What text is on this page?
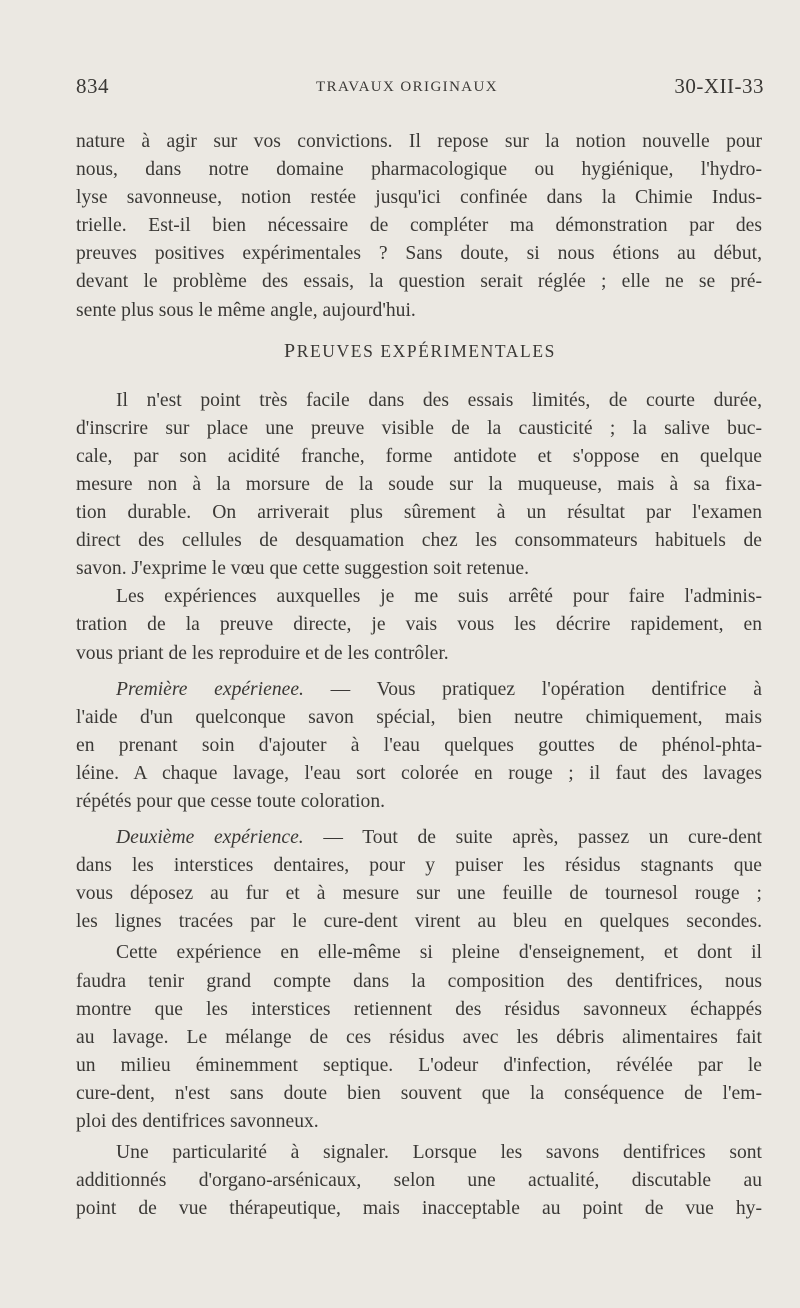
834	TRAVAUX ORIGINAUX	30-XII-33
nature à agir sur vos convictions. Il repose sur la notion nouvelle pour
nous, dans notre domaine pharmacologique ou hygiénique, l'hydro-
lyse savonneuse, notion restée jusqu'ici confinée dans la Chimie Indus-
trielle. Est-il bien nécessaire de compléter ma démonstration par des
preuves positives expérimentales ? Sans doute, si nous étions au début,
devant le problème des essais, la question serait réglée ; elle ne se pré-
sente plus sous le même angle, aujourd'hui.
PREUVES EXPÉRIMENTALES
Il n'est point très facile dans des essais limités, de courte durée,
d'inscrire sur place une preuve visible de la causticité ; la salive buc-
cale, par son acidité franche, forme antidote et s'oppose en quelque
mesure non à la morsure de la soude sur la muqueuse, mais à sa fixa-
tion durable. On arriverait plus sûrement à un résultat par l'examen
direct des cellules de desquamation chez les consommateurs habituels de
savon. J'exprime le vœu que cette suggestion soit retenue.
Les expériences auxquelles je me suis arrêté pour faire l'adminis-
tration de la preuve directe, je vais vous les décrire rapidement, en
vous priant de les reproduire et de les contrôler.
Première expérienee. — Vous pratiquez l'opération dentifrice à
l'aide d'un quelconque savon spécial, bien neutre chimiquement, mais
en prenant soin d'ajouter à l'eau quelques gouttes de phénol-phta-
léine. A chaque lavage, l'eau sort colorée en rouge ; il faut des lavages
répétés pour que cesse toute coloration.
Deuxième expérience. — Tout de suite après, passez un cure-dent
dans les interstices dentaires, pour y puiser les résidus stagnants que
vous déposez au fur et à mesure sur une feuille de tournesol rouge ;
les lignes tracées par le cure-dent virent au bleu en quelques secondes.
Cette expérience en elle-même si pleine d'enseignement, et dont il
faudra tenir grand compte dans la composition des dentifrices, nous
montre que les interstices retiennent des résidus savonneux échappés
au lavage. Le mélange de ces résidus avec les débris alimentaires fait
un milieu éminemment septique. L'odeur d'infection, révélée par le
cure-dent, n'est sans doute bien souvent que la conséquence de l'em-
ploi des dentifrices savonneux.
Une particularité à signaler. Lorsque les savons dentifrices sont
additionnés d'organo-arsénicaux, selon une actualité, discutable au
point de vue thérapeutique, mais inacceptable au point de vue hy-
